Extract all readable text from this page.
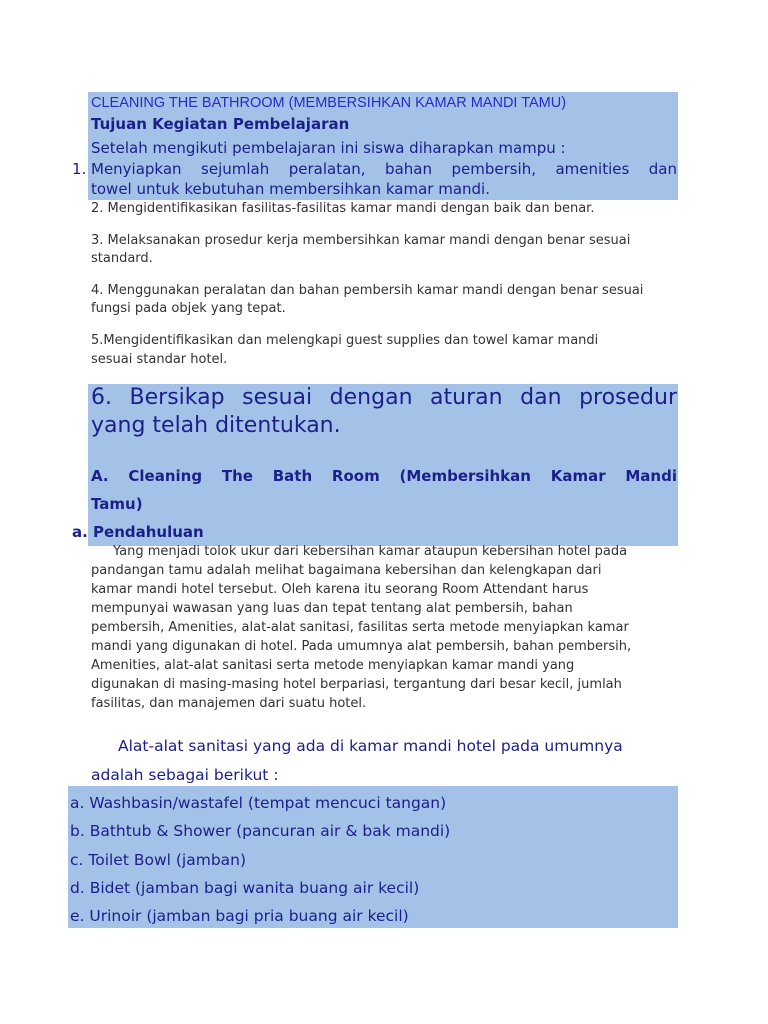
CLEANING THE BATHROOM (MEMBERSIHKAN KAMAR MANDI TAMU)
Tujuan Kegiatan Pembelajaran
Setelah mengikuti pembelajaran ini siswa diharapkan mampu :
1. Menyiapkan sejumlah peralatan, bahan pembersih, amenities dan
towel untuk kebutuhan membersihkan kamar mandi.
2. Mengidentifikasikan fasilitas-fasilitas kamar mandi dengan baik dan benar.
3. Melaksanakan prosedur kerja membersihkan kamar mandi dengan benar sesuai
standard.
4. Menggunakan peralatan dan bahan pembersih kamar mandi dengan benar sesuai
fungsi pada objek yang tepat.
5.Mengidentifikasikan dan melengkapi guest supplies dan towel kamar mandi
sesuai standar hotel.
6. Bersikap sesuai dengan aturan dan prosedur
yang telah ditentukan.
A. Cleaning The Bath Room (Membersihkan Kamar Mandi
Tamu)
a. Pendahuluan
Yang menjadi tolok ukur dari kebersihan kamar ataupun kebersihan hotel pada
pandangan tamu adalah melihat bagaimana kebersihan dan kelengkapan dari
kamar mandi hotel tersebut. Oleh karena itu seorang Room Attendant harus
mempunyai wawasan yang luas dan tepat tentang alat pembersih, bahan
pembersih, Amenities, alat-alat sanitasi, fasilitas serta metode menyiapkan kamar
mandi yang digunakan di hotel. Pada umumnya alat pembersih, bahan pembersih,
Amenities, alat-alat sanitasi serta metode menyiapkan kamar mandi yang
digunakan di masing-masing hotel berpariasi, tergantung dari besar kecil, jumlah
fasilitas, dan manajemen dari suatu hotel.
Alat-alat sanitasi yang ada di kamar mandi hotel pada umumnya
adalah sebagai berikut :
a. Washbasin/wastafel (tempat mencuci tangan)
b. Bathtub & Shower (pancuran air & bak mandi)
c. Toilet Bowl (jamban)
d. Bidet (jamban bagi wanita buang air kecil)
e. Urinoir (jamban bagi pria buang air kecil)
